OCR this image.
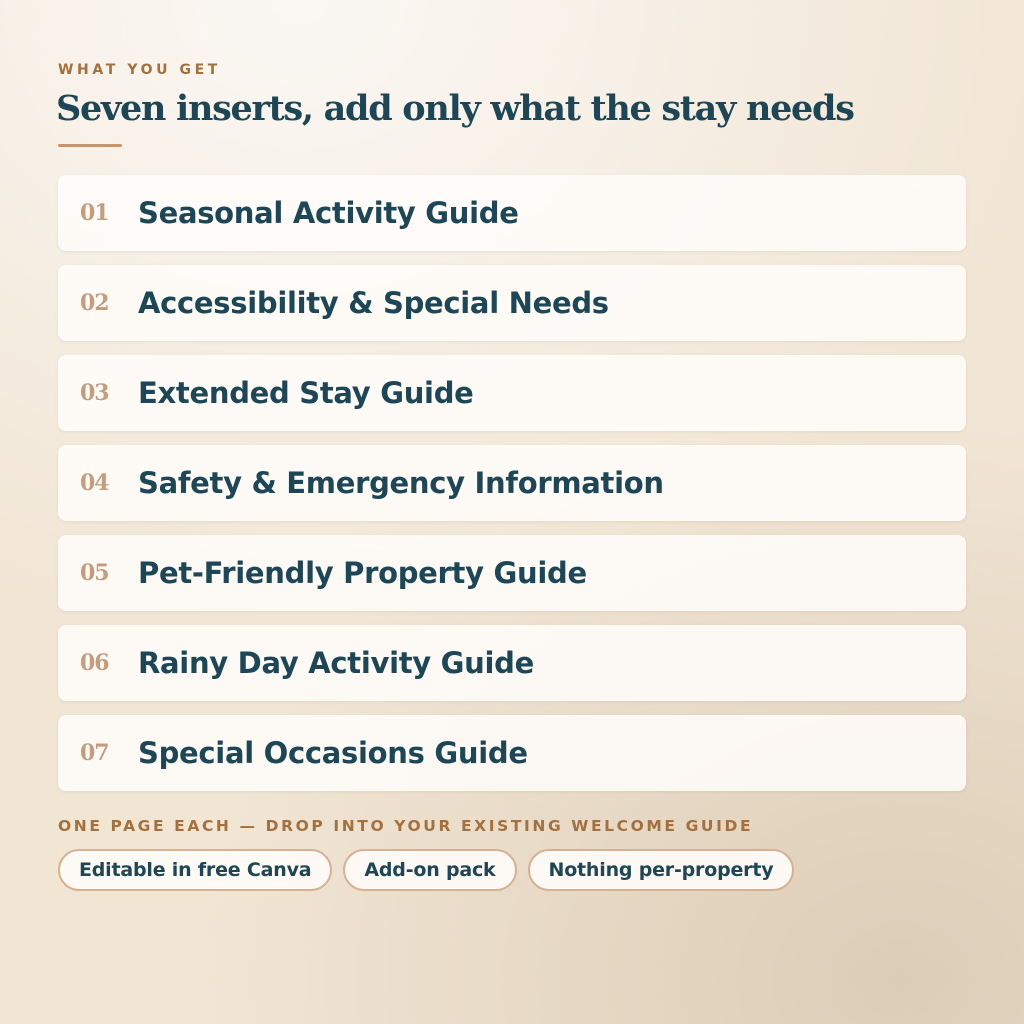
WHAT YOU GET

Seven inserts, add only what the stay needs
01	Seasonal Activity Guide
02	Accessibility & Special Needs
03	Extended Stay Guide
04	Safety & Emergency Information
05	Pet-Friendly Property Guide
06	Rainy Day Activity Guide
07	Special Occasions Guide

ONE PAGE EACH — DROP INTO YOUR EXISTING WELCOME GUIDE

Editable in free Canva	Add-on pack	Nothing per-property
